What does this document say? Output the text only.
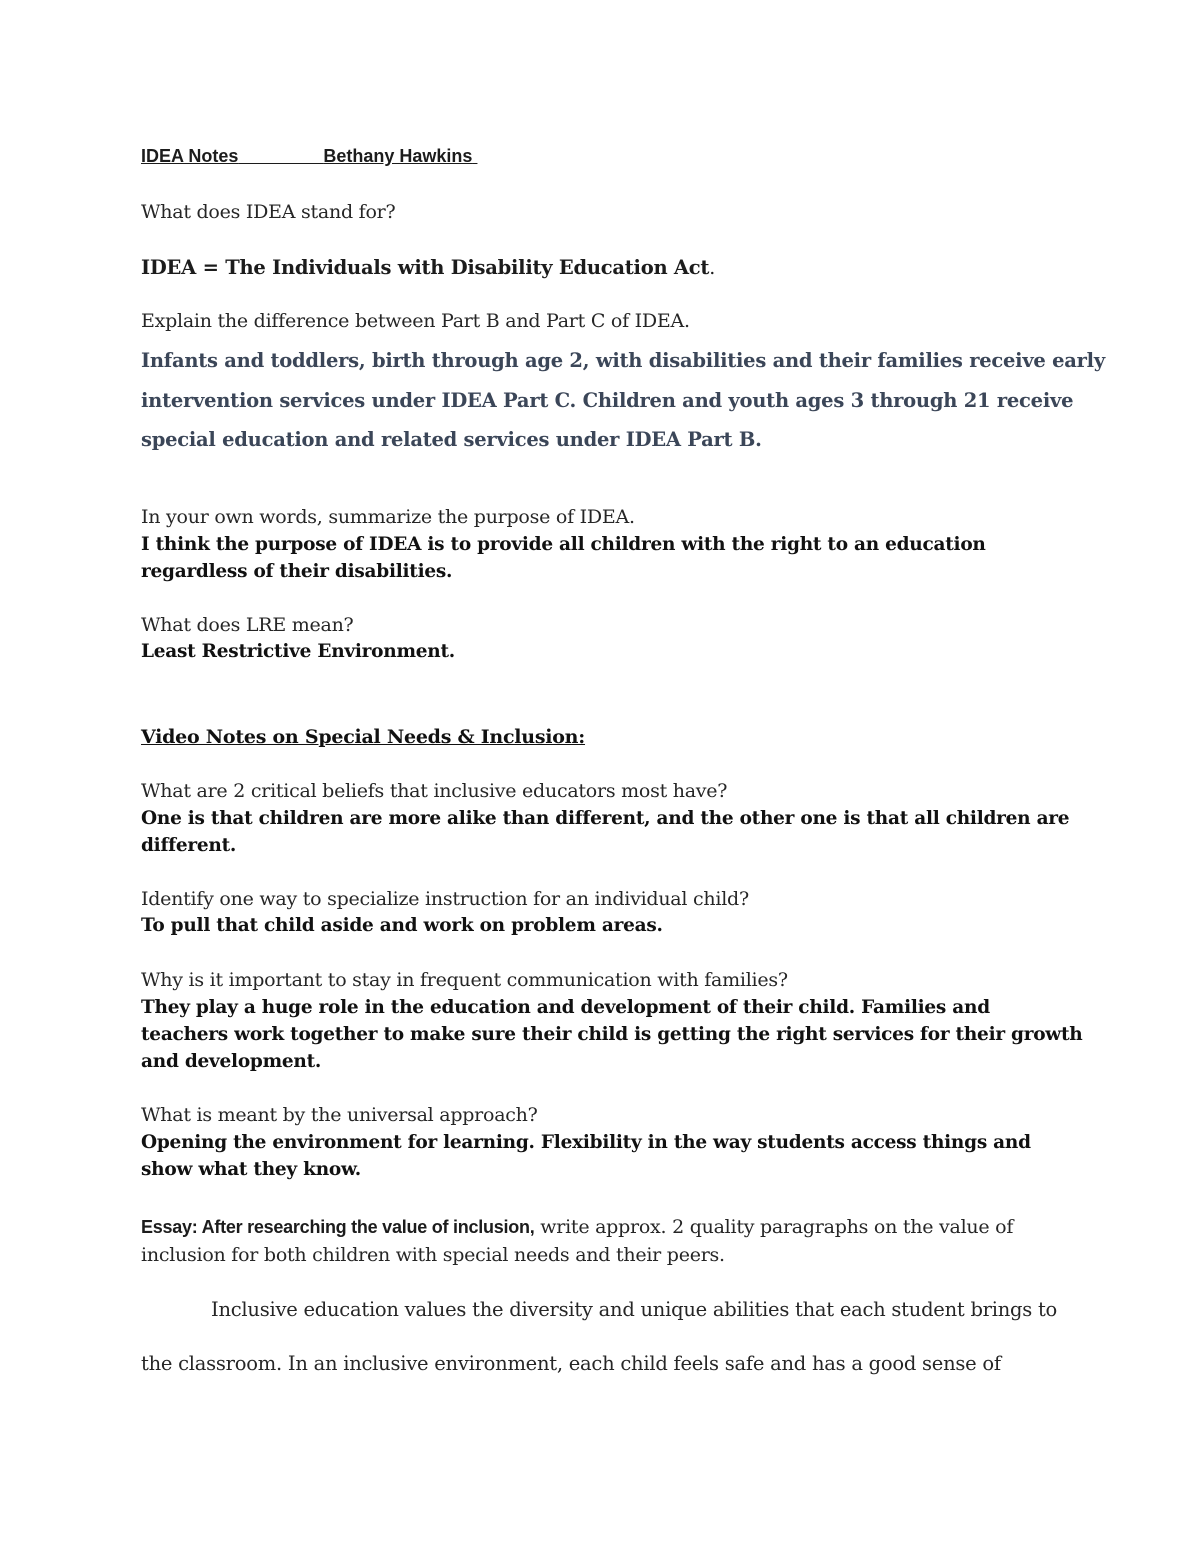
IDEA Notes	Bethany Hawkins
What does IDEA stand for?
IDEA = The Individuals with Disability Education Act.
Explain the difference between Part B and Part C of IDEA.
Infants and toddlers, birth through age 2, with disabilities and their families receive early
intervention services under IDEA Part C. Children and youth ages 3 through 21 receive
special education and related services under IDEA Part B.
In your own words, summarize the purpose of IDEA.
I think the purpose of IDEA is to provide all children with the right to an education
regardless of their disabilities.
What does LRE mean?
Least Restrictive Environment.
Video Notes on Special Needs & Inclusion:
What are 2 critical beliefs that inclusive educators most have?
One is that children are more alike than different, and the other one is that all children are
different.
Identify one way to specialize instruction for an individual child?
To pull that child aside and work on problem areas.
Why is it important to stay in frequent communication with families?
They play a huge role in the education and development of their child. Families and
teachers work together to make sure their child is getting the right services for their growth
and development.
What is meant by the universal approach?
Opening the environment for learning. Flexibility in the way students access things and
show what they know.
Essay: After researching the value of inclusion, write approx. 2 quality paragraphs on the value of
inclusion for both children with special needs and their peers.
Inclusive education values the diversity and unique abilities that each student brings to
the classroom. In an inclusive environment, each child feels safe and has a good sense of
